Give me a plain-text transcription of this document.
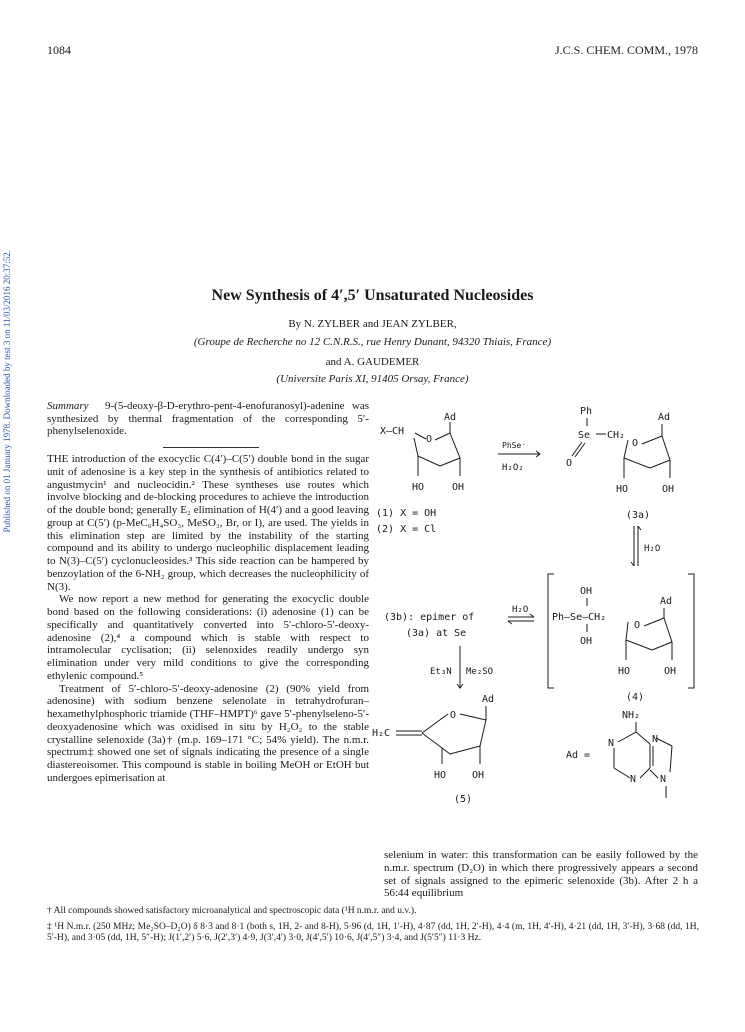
1084	J.C.S. CHEM. COMM., 1978
Published on 01 January 1978. Downloaded by test 3 on 11/03/2016 20:37:52.	New Synthesis of 4′,5′ Unsaturated Nucleosides
By N. ZYLBER and JEAN ZYLBER,
(Groupe de Recherche no 12 C.N.R.S., rue Henry Dunant, 94320 Thiais, France)
and A. GAUDEMER
(Universite Paris XI, 91405 Orsay, France)
Summary 9-(5-deoxy-β-D-erythro-pent-4-enofuranosyl)-adenine was synthesized by thermal fragmentation of the corresponding 5′-phenylselenoxide.

THE introduction of the exocyclic C(4′)–C(5′) double bond in the sugar unit of adenosine is a key step in the synthesis of antibiotics related to angustmycin¹ and nucleocidin.² These syntheses use routes which involve blocking and de-blocking procedures to achieve the introduction of the double bond; generally E₂ elimination of H(4′) and a good leaving group at C(5′) (p-MeC₆H₄SO₃, MeSO₃, Br, or I), are used. The yields in this elimination step are limited by the instability of the starting compound and its ability to undergo nucleophilic displacement leading to N(3)–C(5′) cyclonucleosides.³ This side reaction can be hampered by benzoylation of the 6-NH₂ group, which decreases the nucleophilicity of N(3).

We now report a new method for generating the exocyclic double bond based on the following considerations: (i) adenosine (1) can be specifically and quantitatively converted into 5′-chloro-5′-deoxy-adenosine (2),⁴ a compound which is stable with respect to intramolecular cyclisation; (ii) selenoxides readily undergo syn elimination under very mild conditions to give the corresponding ethylenic compound.⁵

Treatment of 5′-chloro-5′-deoxy-adenosine (2) (90% yield from adenosine) with sodium benzene selenolate in tetrahydrofuran–hexamethylphosphoric triamide (THF–HMPT)⁶ gave 5′-phenylseleno-5′-deoxyadenosine which was oxidised in situ by H₂O₂ to the stable crystalline selenoxide (3a)† (m.p. 169–171 °C; 54% yield). The n.m.r. spectrum‡ showed one set of signals indicating the presence of a single diastereoisomer. This compound is stable in boiling MeOH or EtOH but undergoes epimerisation at

selenium in water: this transformation can be easily followed by the n.m.r. spectrum (D₂O) in which there progressively appears a second set of signals assigned to the epimeric selenoxide (3b). After 2 h a 56:44 equilibrium
† All compounds showed satisfactory microanalytical and spectroscopic data (¹H n.m.r. and u.v.).
‡ ¹H N.m.r. (250 MHz; Me₂SO–D₂O) δ 8·3 and 8·1 (both s, 1H, 2- and 8-H), 5·96 (d, 1H, 1′-H), 4·87 (dd, 1H, 2′-H), 4·4 (m, 1H, 4′-H), 4·21 (dd, 1H, 3′-H), 3·68 (dd, 1H, 5′-H), and 3·05 (dd, 1H, 5″-H); J(1′,2′) 5·6, J(2′,3′) 4·9, J(3′,4′) 3·0, J(4′,5′) 10·6, J(4′,5″) 3·4, and J(5′5″) 11·3 Hz.
X–CH
O
Ad
HO	OH
(1) X = OH
(2) X = Cl
PhSe⁻
H₂O₂
Ph
Se CH₂
O
O
Ad
HO	OH
(3a)
H₂O
(3b): epimer of
(3a) at Se
H₂O
OH
Ph–Se–CH₂
OH
O
Ad
HO	OH
(4)
Et₃N Me₂SO
H₂C
O
Ad
HO	OH
(5)
NH₂
Ad =
N	N
N N
